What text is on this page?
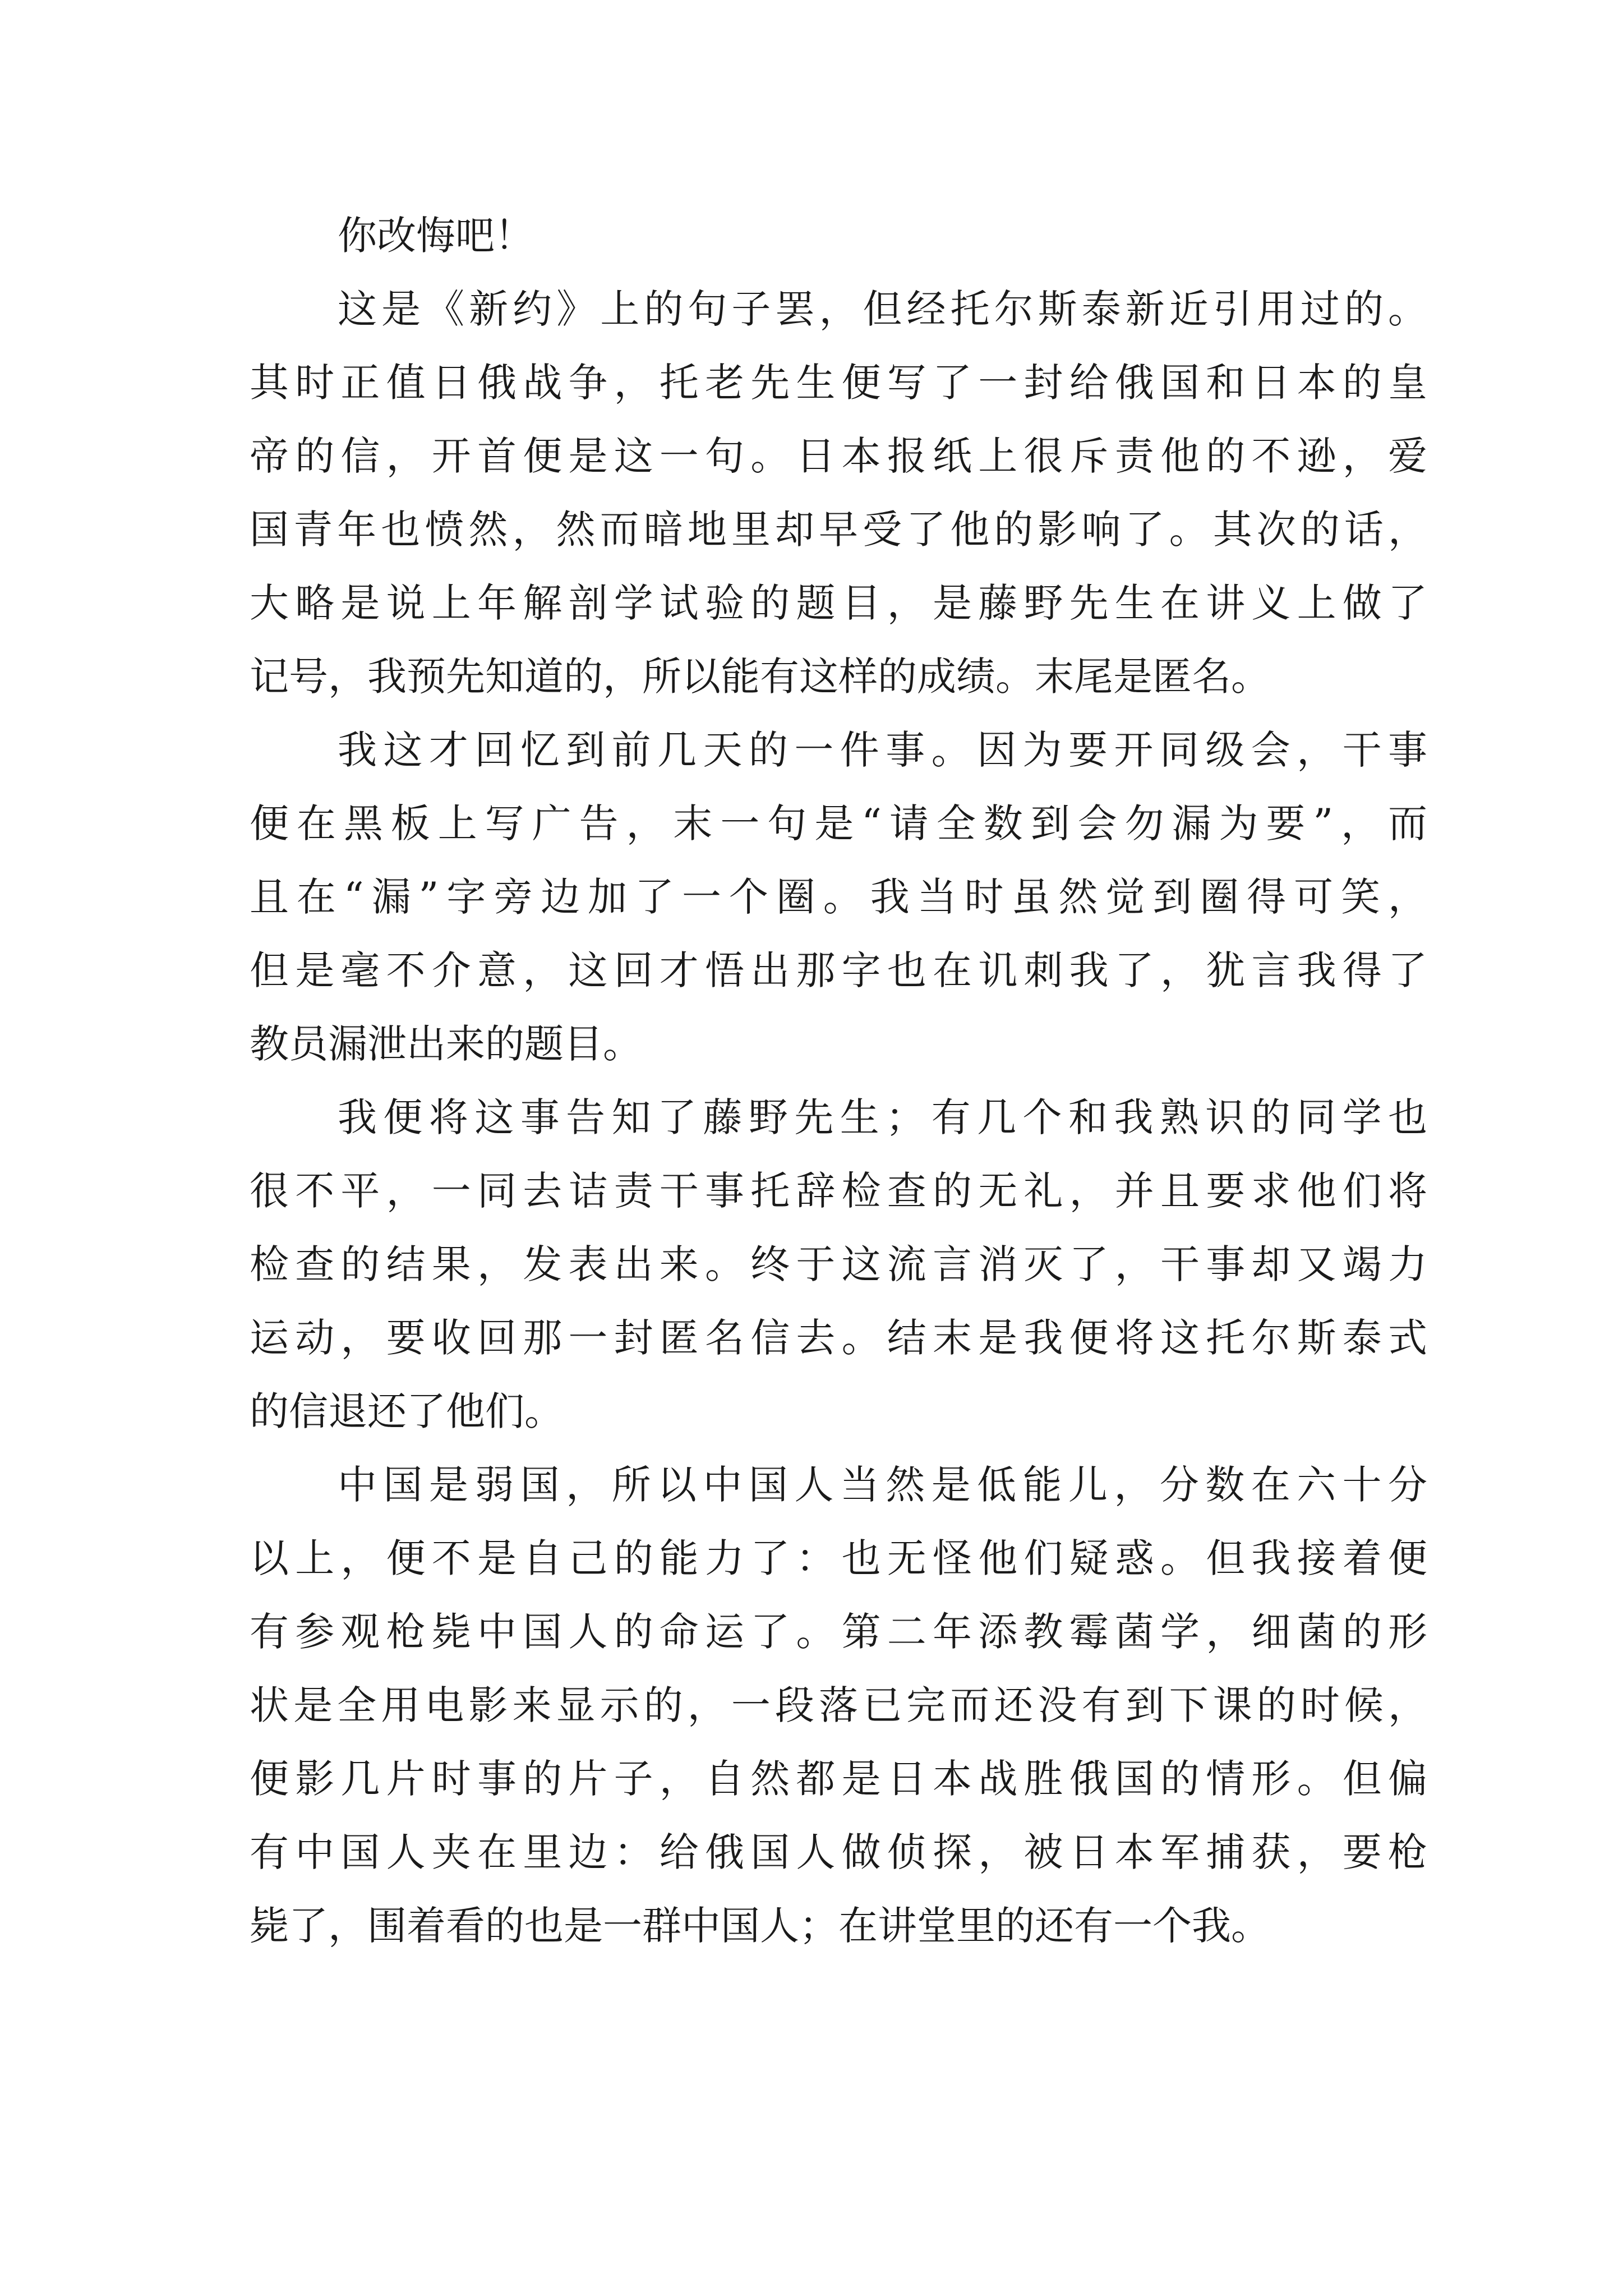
你改悔吧！
这是《新约》上的句子罢，但经托尔斯泰新近引用过的。
其时正值日俄战争，托老先生便写了一封给俄国和日本的皇
帝的信，开首便是这一句。日本报纸上很斥责他的不逊，爱
国青年也愤然，然而暗地里却早受了他的影响了。其次的话，
大略是说上年解剖学试验的题目，是藤野先生在讲义上做了
记号，我预先知道的，所以能有这样的成绩。末尾是匿名。
我这才回忆到前几天的一件事。因为要开同级会，干事
便在黑板上写广告，末一句是“请全数到会勿漏为要”，而
且在“漏”字旁边加了一个圈。我当时虽然觉到圈得可笑，
但是毫不介意，这回才悟出那字也在讥刺我了，犹言我得了
教员漏泄出来的题目。
我便将这事告知了藤野先生；有几个和我熟识的同学也
很不平，一同去诘责干事托辞检查的无礼，并且要求他们将
检查的结果，发表出来。终于这流言消灭了，干事却又竭力
运动，要收回那一封匿名信去。结末是我便将这托尔斯泰式
的信退还了他们。
中国是弱国，所以中国人当然是低能儿，分数在六十分
以上，便不是自己的能力了：也无怪他们疑惑。但我接着便
有参观枪毙中国人的命运了。第二年添教霉菌学，细菌的形
状是全用电影来显示的，一段落已完而还没有到下课的时候，
便影几片时事的片子，自然都是日本战胜俄国的情形。但偏
有中国人夹在里边：给俄国人做侦探，被日本军捕获，要枪
毙了，围着看的也是一群中国人；在讲堂里的还有一个我。
